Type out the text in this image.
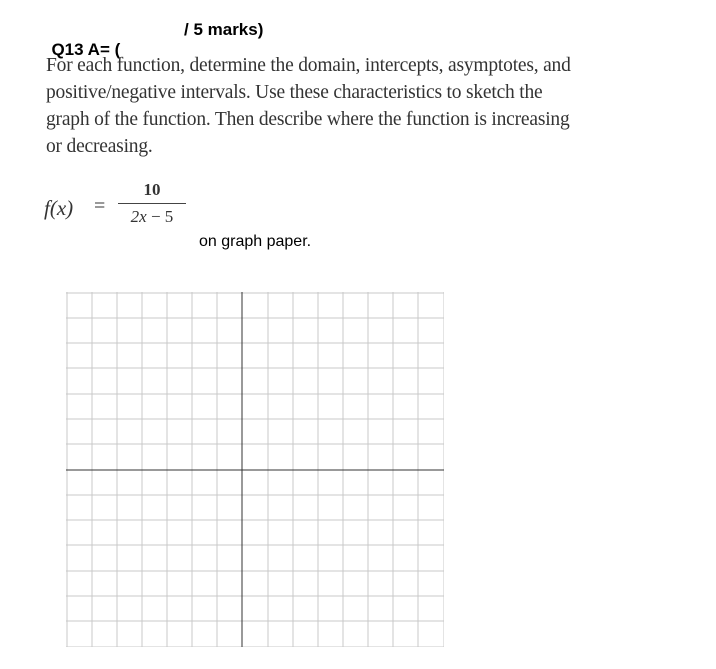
Q13 A= (

/ 5 marks)

For each function, determine the domain, intercepts, asymptotes, and
positive/negative intervals. Use these characteristics to sketch the
graph of the function. Then describe where the function is increasing
or decreasing.
f(x) =
10
2x − 5
on graph paper.
